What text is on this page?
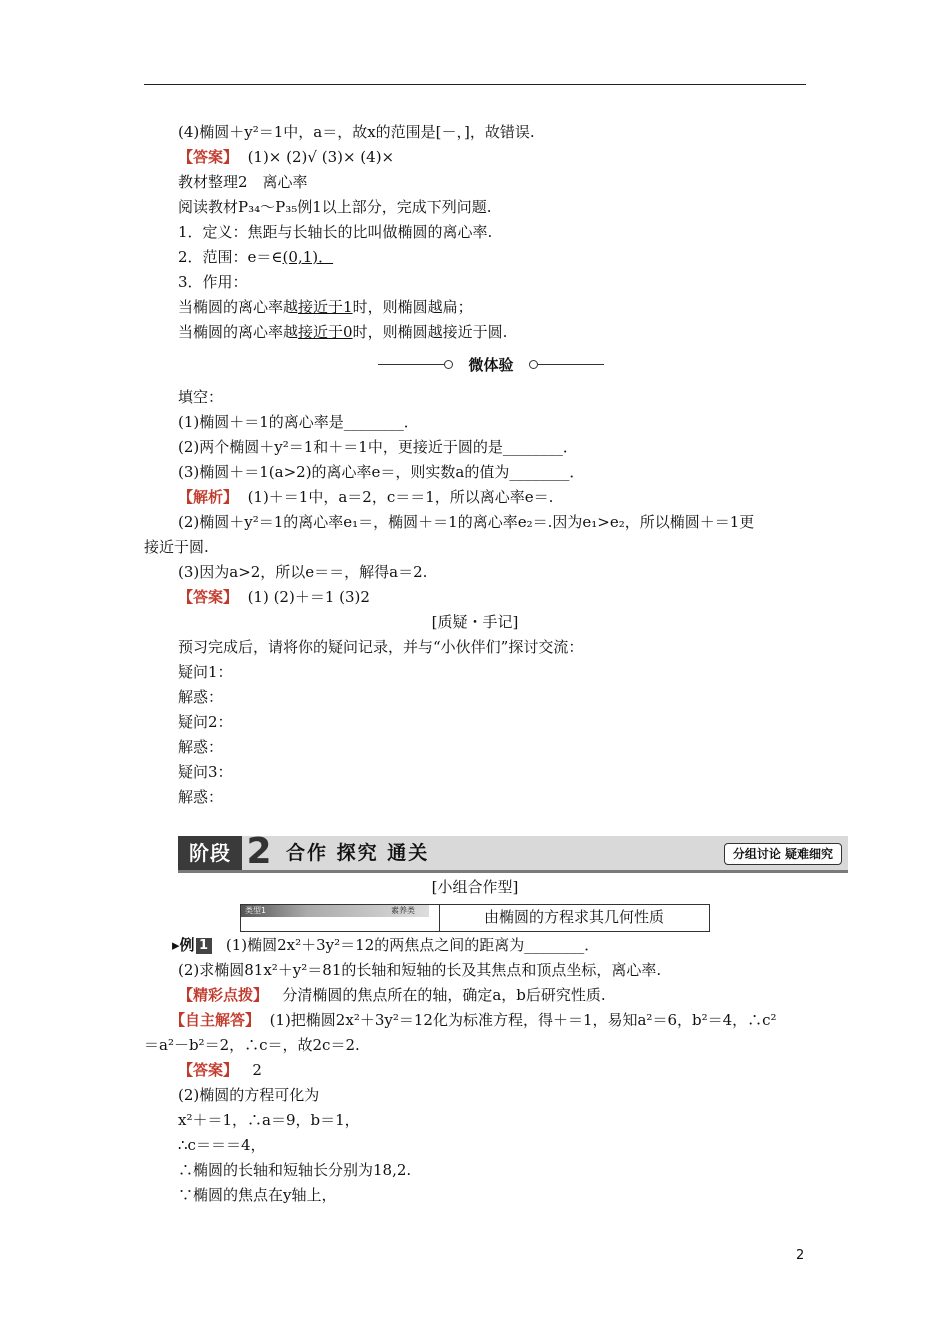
(4)椭圆＋y²＝1中，a＝，故x的范围是[－，]，故错误.
【答案】 (1)× (2)√ (3)× (4)×
教材整理2　离心率
阅读教材P₃₄～P₃₅例1以上部分，完成下列问题.
1．定义：焦距与长轴长的比叫做椭圆的离心率.
2．范围：e＝∈(0,1)．
3．作用：
当椭圆的离心率越接近于1时，则椭圆越扁；
当椭圆的离心率越接近于0时，则椭圆越接近于圆.
微体验
填空：
(1)椭圆＋＝1的离心率是________．
(2)两个椭圆＋y²＝1和＋＝1中，更接近于圆的是________．
(3)椭圆＋＝1(a>2)的离心率e＝，则实数a的值为________．
【解析】 (1)＋＝1中，a＝2，c＝＝1，所以离心率e＝.
(2)椭圆＋y²＝1的离心率e₁＝，椭圆＋＝1的离心率e₂＝.因为e₁>e₂，所以椭圆＋＝1更
接近于圆.
(3)因为a>2，所以e＝＝，解得a＝2.
【答案】 (1) (2)＋＝1 (3)2
[质疑・手记]
预习完成后，请将你的疑问记录，并与“小伙伴们”探讨交流：
疑问1：
解惑：
疑问2：
解惑：
疑问3：
解惑：
阶段 2 合作 探究 通关	分组讨论 疑难细究
[小组合作型]
类型1	素养类	由椭圆的方程求其几何性质
▸例 1 (1)椭圆2x²＋3y²＝12的两焦点之间的距离为________．
(2)求椭圆81x²＋y²＝81的长轴和短轴的长及其焦点和顶点坐标，离心率.
【精彩点拨】 分清椭圆的焦点所在的轴，确定a，b后研究性质.
【自主解答】 (1)把椭圆2x²＋3y²＝12化为标准方程，得＋＝1，易知a²＝6，b²＝4，∴c²
＝a²－b²＝2，∴c＝，故2c＝2.
【答案】 2
(2)椭圆的方程可化为
x²＋＝1，∴a＝9，b＝1，
∴c＝＝＝4，
∴椭圆的长轴和短轴长分别为18,2.
∵椭圆的焦点在y轴上，
2
